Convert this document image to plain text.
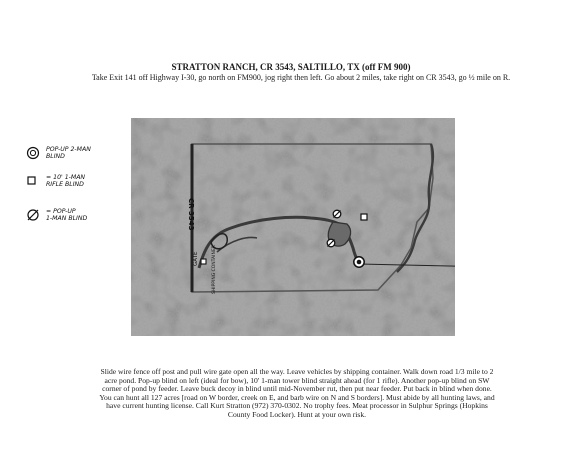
STRATTON RANCH, CR 3543, SALTILLO, TX (off FM 900)
Take Exit 141 off Highway I-30, go north on FM900, jog right then left. Go about 2 miles, take right on CR 3543, go ½ mile on R.
POP-UP 2-MAN
BLIND
= 10' 1-MAN
RIFLE BLIND
= POP-UP
1-MAN BLIND	CR 3543
GATE	SHIPPING CONTAINER
Slide wire fence off post and pull wire gate open all the way. Leave vehicles by shipping container. Walk down road 1/3 mile to 2
acre pond. Pop-up blind on left (ideal for bow), 10' 1-man tower blind straight ahead (for 1 rifle). Another pop-up blind on SW
corner of pond by feeder. Leave buck decoy in blind until mid-November rut, then put near feeder. Put back in blind when done.
You can hunt all 127 acres [road on W border, creek on E, and barb wire on N and S borders]. Must abide by all hunting laws, and
have current hunting license. Call Kurt Stratton (972) 370-0302. No trophy fees. Meat processor in Sulphur Springs (Hopkins
County Food Locker). Hunt at your own risk.
